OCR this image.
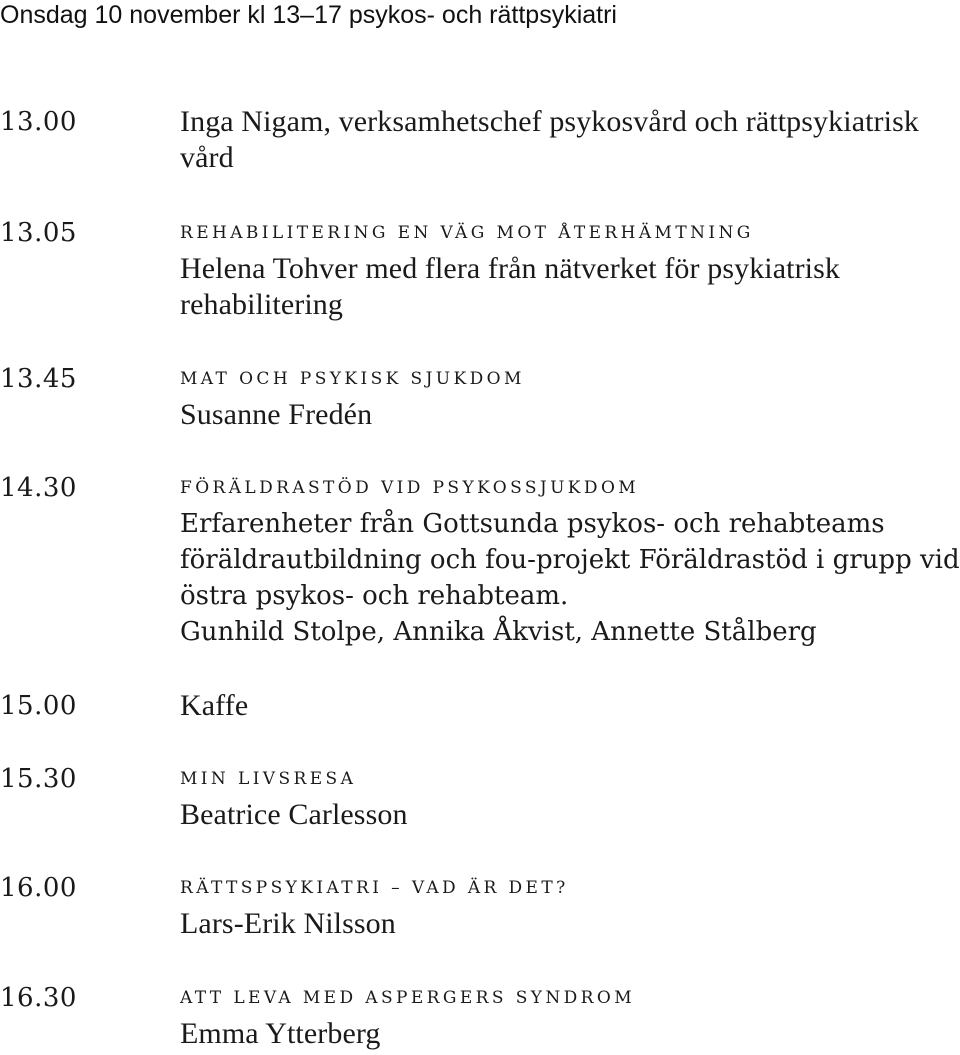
Onsdag 10 november kl 13–17 psykos- och rättpsykiatri
13.00	Inga Nigam, verksamhetschef psykosvård och rättpsykiatrisk
vård
13.05	REHABILITERING EN VÄG MOT ÅTERHÄMTNING
Helena Tohver med flera från nätverket för psykiatrisk
rehabilitering
13.45	MAT OCH PSYKISK SJUKDOM
Susanne Fredén
14.30	FÖRÄLDRASTÖD VID PSYKOSSJUKDOM
Erfarenheter från Gottsunda psykos- och rehabteams
föräldrautbildning och fou-projekt Föräldrastöd i grupp vid
östra psykos- och rehabteam.
Gunhild Stolpe, Annika Åkvist, Annette Stålberg
15.00	Kaffe
15.30	MIN LIVSRESA
Beatrice Carlesson
16.00	RÄTTSPSYKIATRI – VAD ÄR DET?
Lars-Erik Nilsson
16.30	ATT LEVA MED ASPERGERS SYNDROM
Emma Ytterberg
